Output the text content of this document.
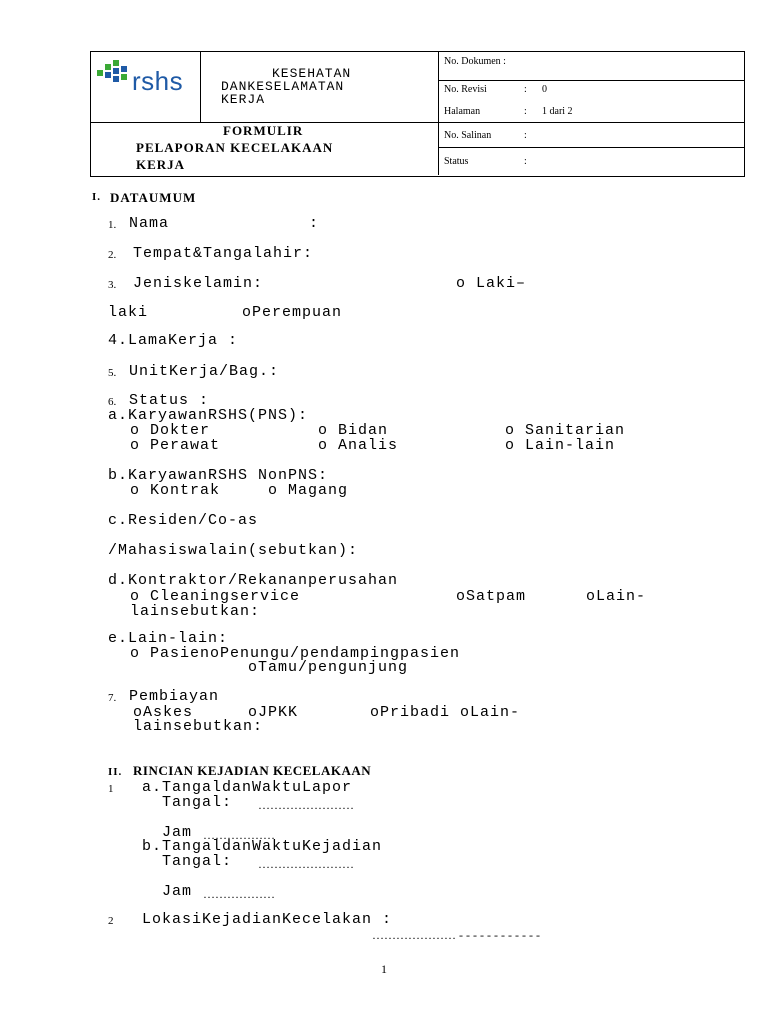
rshs	KESEHATAN
DANKESELAMATAN
KERJA
FORMULIR
PELAPORAN KECELAKAAN
KERJA
No. Dokumen :
No. Revisi	: 0
Halaman	: 1 dari 2
No. Salinan	:
Status	:
I. DATAUMUM
1. Nama              :
2. Tempat&Tangalahir:
3. Jeniskelamin:	o Laki–
laki	oPerempuan
4.LamaKerja :
5. UnitKerja/Bag.:
6. Status :
a.KaryawanRSHS(PNS):
o Dokter	o Bidan	o Sanitarian
o Perawat	o Analis	o Lain-lain
b.KaryawanRSHS NonPNS:
o Kontrak	o Magang
c.Residen/Co-as
/Mahasiswalain(sebutkan):
d.Kontraktor/Rekananperusahan
o Cleaningservice	oSatpam	oLain-
lainsebutkan:
e.Lain-lain:
o PasienoPenungu/pendampingpasien
oTamu/pengunjung
7. Pembiayan
oAskes	oJPKK	oPribadi oLain-
lainsebutkan:
II. RINCIAN KEJADIAN KECELAKAAN
1 a.TangaldanWaktuLapor
Tangal: ……………………
Jam ………………
b.TangaldanWaktuKejadian
Tangal: ……………………
Jam ………………
2 LokasiKejadianKecelakan :
………………… - - - - - - - - - - - -
1
